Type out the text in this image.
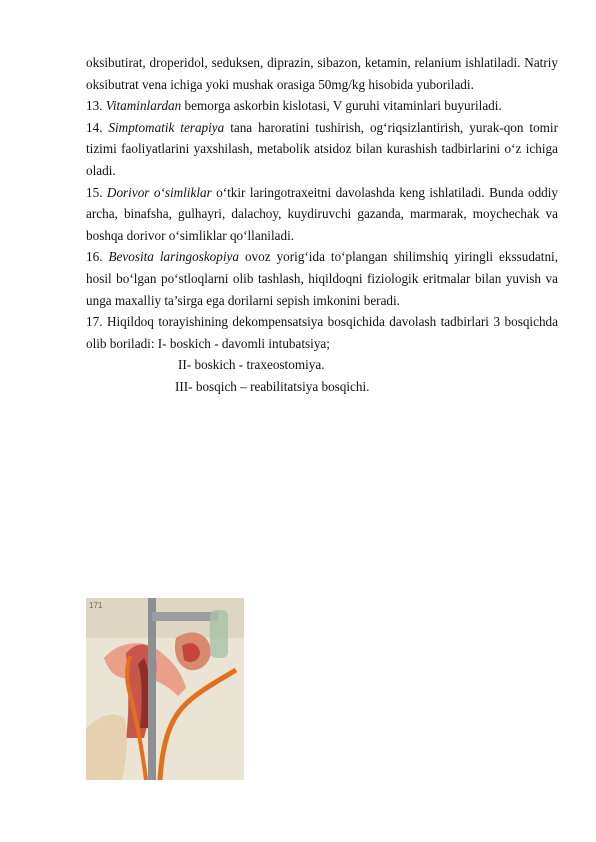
oksibutirat, droperidol, seduksen, diprazin, sibazon, ketamin, relanium ishlatiladi. Natriy oksibutrat vena ichiga yoki mushak orasiga 50mg/kg hisobida yuboriladi.

13. Vitaminlardan bemorga askorbin kislotasi, V guruhi vitaminlari buyuriladi.

14. Simptomatik terapiya tana haroratini tushirish, og‘riqsizlantirish, yurak-qon tomir tizimi faoliyatlarini yaxshilash, metabolik atsidoz bilan kurashish tadbirlarini o‘z ichiga oladi.

15. Dorivor o‘simliklar o‘tkir laringotraxeitni davolashda keng ishlatiladi. Bunda oddiy archa, binafsha, gulhayri, dalachoy, kuydiruvchi gazanda, marmarak, moychechak va boshqa dorivor o‘simliklar qo‘llaniladi.

16. Bevosita laringoskopiya ovoz yorig‘ida to‘plangan shilimshiq yiringli ekssudatni, hosil bo‘lgan po‘stloqlarni olib tashlash, hiqildoqni fiziologik eritmalar bilan yuvish va unga maxalliy ta’sirga ega dorilarni sepish imkonini beradi.

17. Hiqildoq torayishining dekompensatsiya bosqichida davolash tadbirlari 3 bosqichda olib boriladi: I- boskich - davomli intubatsiya;

II- boskich - traxeostomiya.

III- bosqich – reabilitatsiya bosqichi.

171
